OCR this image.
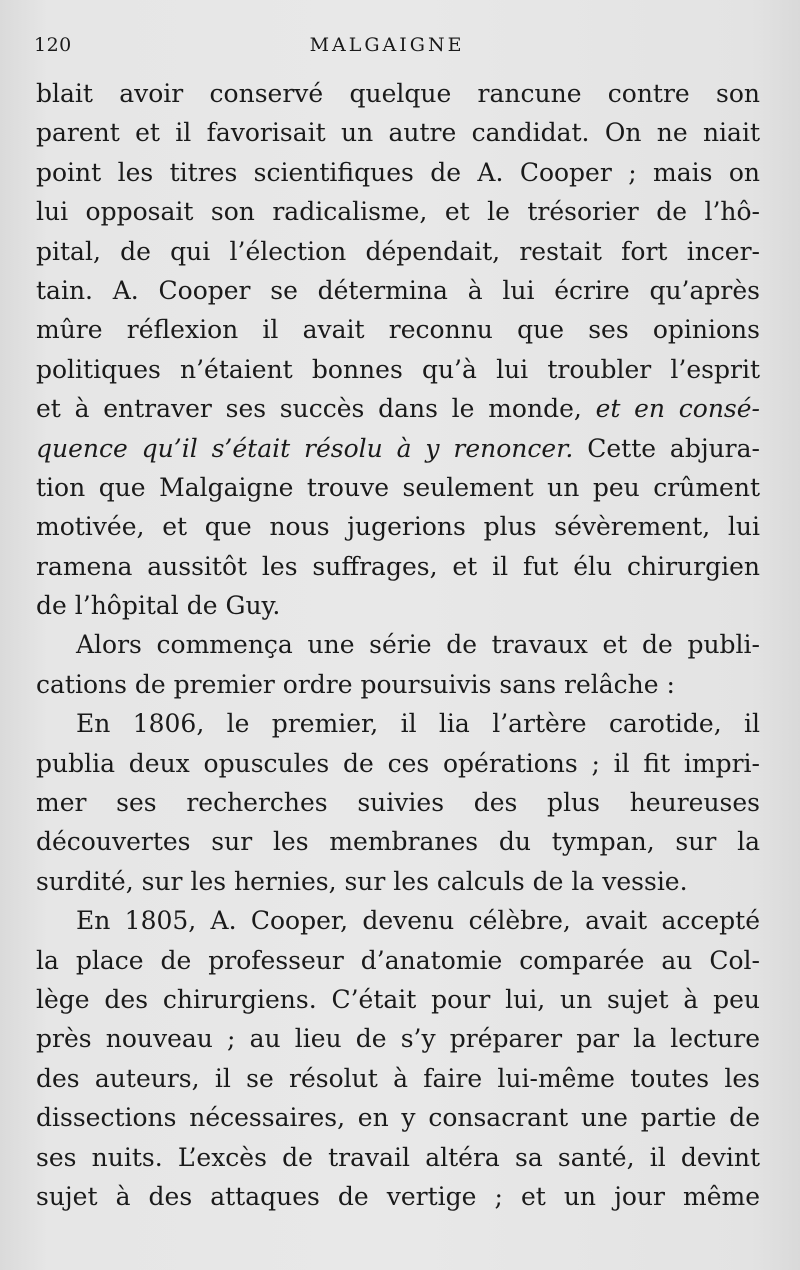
120	MALGAIGNE
blait avoir conservé quelque rancune contre son
parent et il favorisait un autre candidat. On ne niait
point les titres scientifiques de A. Cooper ; mais on
lui opposait son radicalisme, et le trésorier de l’hô-
pital, de qui l’élection dépendait, restait fort incer-
tain. A. Cooper se détermina à lui écrire qu’après
mûre réflexion il avait reconnu que ses opinions
politiques n’étaient bonnes qu’à lui troubler l’esprit
et à entraver ses succès dans le monde, et en consé-
quence qu’il s’était résolu à y renoncer. Cette abjura-
tion que Malgaigne trouve seulement un peu crûment
motivée, et que nous jugerions plus sévèrement, lui
ramena aussitôt les suffrages, et il fut élu chirurgien
de l’hôpital de Guy.
Alors commença une série de travaux et de publi-
cations de premier ordre poursuivis sans relâche :
En 1806, le premier, il lia l’artère carotide, il
publia deux opuscules de ces opérations ; il fit impri-
mer ses recherches suivies des plus heureuses
découvertes sur les membranes du tympan, sur la
surdité, sur les hernies, sur les calculs de la vessie.
En 1805, A. Cooper, devenu célèbre, avait accepté
la place de professeur d’anatomie comparée au Col-
lège des chirurgiens. C’était pour lui, un sujet à peu
près nouveau ; au lieu de s’y préparer par la lecture
des auteurs, il se résolut à faire lui-même toutes les
dissections nécessaires, en y consacrant une partie de
ses nuits. L’excès de travail altéra sa santé, il devint
sujet à des attaques de vertige ; et un jour même
